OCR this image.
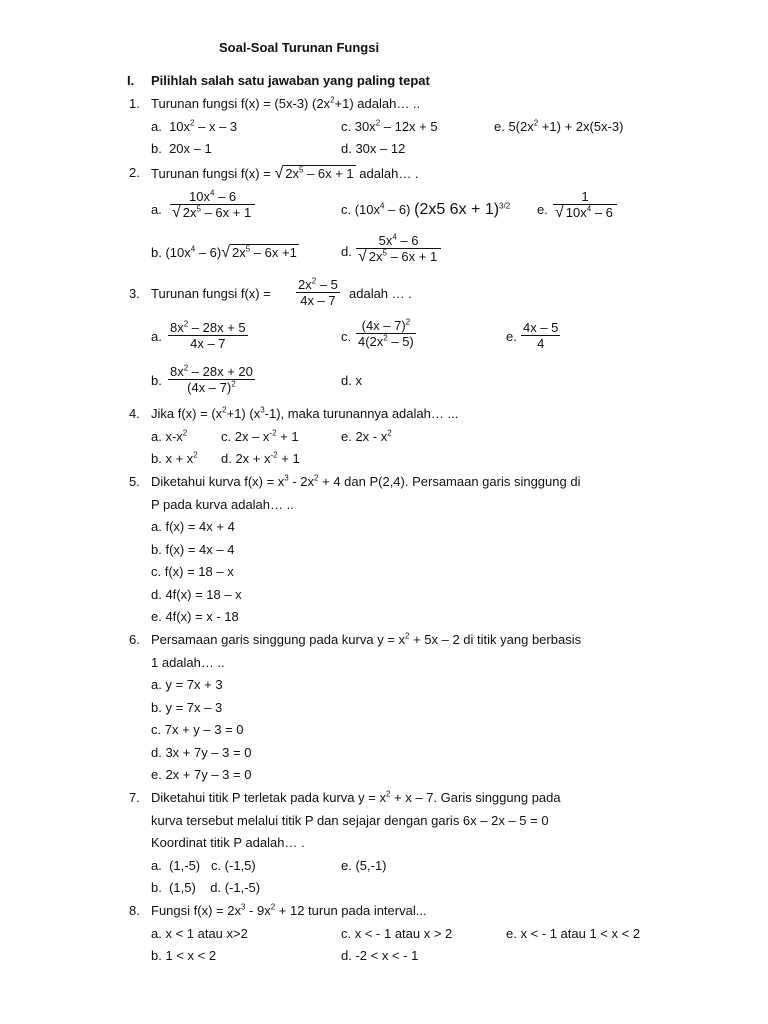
Soal-Soal Turunan Fungsi
I. Pilihlah salah satu jawaban yang paling tepat
1. Turunan fungsi f(x) = (5x-3) $(2x^2+1)$ adalah… ..
a. $10x^2$ – x – 3	c. $30x^2 - 12x + 5$	e. $5(2x^2 +1) + 2x(5x-3)$
b. 20x – 1	d. 30x – 12
2. Turunan fungsi f(x) = √ $2x^5 - 6x + 1$ adalah… .
a. $\frac{10x^4 - 6}{√ 2x^5 - 6x + 1}$	c. $(10x^4 - 6)$ (2x5 6x + 1)$^{3/2}$ e. $\frac{1}{√ 10x^4 - 6}$
b. $(10x^4 - 6)√$ $2x^5 - 6x +1$	d. $\frac{5x^4 - 6}{√ 2x^5 - 6x + 1}$
3. Turunan fungsi $f(x) = \frac{2x^2 - 5}{4x - 7}$ adalah … .
a. $\frac{8x^2 - 28x + 5}{4x - 7}$	c. $\frac{(4x - 7)^2}{4(2x^2 - 5)}$	e. $\frac{4x - 5}{4}$
b. $\frac{8x^2 - 28x + 20}{(4x - 7)^2}$	d. x
4. Jika $f(x) = (x^2+1)$ $(x^3-1)$, maka turunannya adalah… ...
a. $x-x^2$	c. $2x - x^{-2} + 1$	e. $2x - x^2$
b. $x + x^2$ d. $2x + x^{-2} + 1$
5. Diketahui kurva $f(x) = x^3 - 2x^2 + 4$ dan P(2,4). Persamaan garis singgung di
P pada kurva adalah… ..
a. f(x) = 4x + 4
b. f(x) = 4x – 4
c. f(x) = 18 – x
d. 4f(x) = 18 – x
e. 4f(x) = x - 18
6. Persamaan garis singgung pada kurva $y = x^2 + 5x - 2$ di titik yang berbasis
1 adalah… ..
a. y = 7x + 3
b. y = 7x – 3
c. 7x + y – 3 = 0
d. 3x + 7y – 3 = 0
e. 2x + 7y – 3 = 0
7. Diketahui titik P terletak pada kurva $y = x^2 + x - 7$. Garis singgung pada
kurva tersebut melalui titik P dan sejajar dengan garis 6x – 2x – 5 = 0
Koordinat titik P adalah… .
a.  (1,-5)   c. (-1,5)	e. (5,-1)
b.  (1,5)    d. (-1,-5)
8. Fungsi $f(x) = 2x^3 - 9x^2 + 12$ turun pada interval...
a. x < 1 atau x>2	c. x < - 1 atau x > 2	e. x < - 1 atau 1 < x < 2
b. 1 < x < 2	d. -2 < x < - 1
